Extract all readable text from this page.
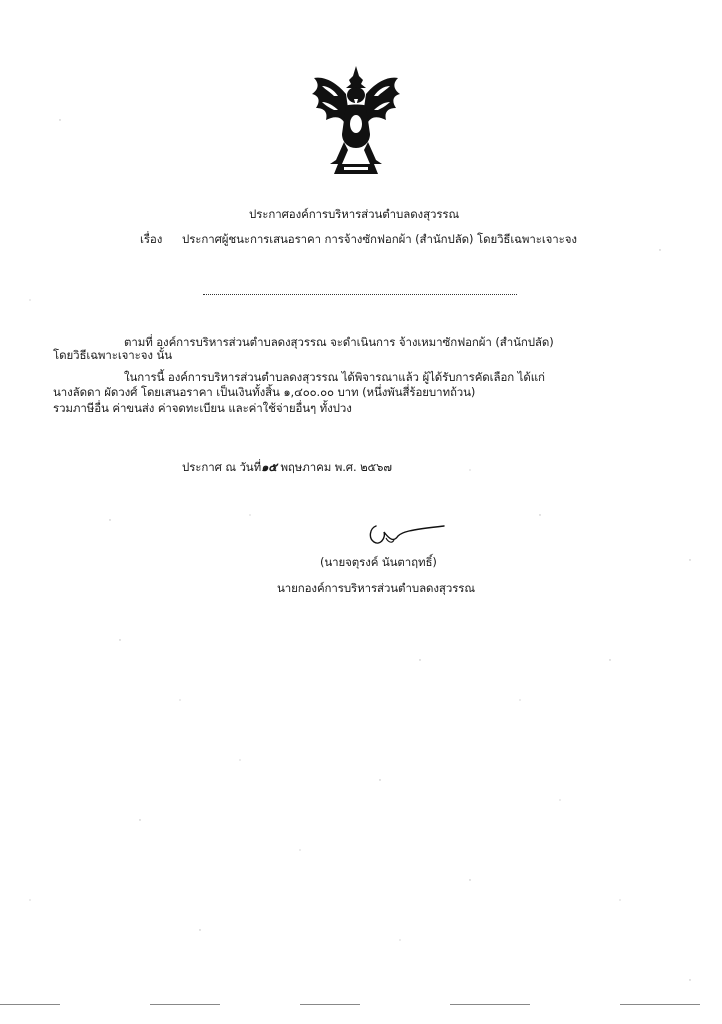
ประกาศองค์การบริหารส่วนตำบลดงสุวรรณ
เรื่อง ประกาศผู้ชนะการเสนอราคา การจ้างซักฟอกผ้า (สำนักปลัด) โดยวิธีเฉพาะเจาะจง
ตามที่ องค์การบริหารส่วนตำบลดงสุวรรณ จะดำเนินการ จ้างเหมาซักฟอกผ้า (สำนักปลัด)
โดยวิธีเฉพาะเจาะจง นั้น
ในการนี้ องค์การบริหารส่วนตำบลดงสุวรรณ ได้พิจารณาแล้ว ผู้ได้รับการคัดเลือก ได้แก่
นางลัดดา ผัดวงศ์ โดยเสนอราคา เป็นเงินทั้งสิ้น ๑,๔๐๐.๐๐ บาท (หนึ่งพันสี่ร้อยบาทถ้วน)
รวมภาษีอื่น ค่าขนส่ง ค่าจดทะเบียน และค่าใช้จ่ายอื่นๆ ทั้งปวง
ประกาศ ณ วันที่๑๕ พฤษภาคม พ.ศ. ๒๕๖๗
(นายจตุรงค์ นันตาฤทธิ์)
นายกองค์การบริหารส่วนตำบลดงสุวรรณ
